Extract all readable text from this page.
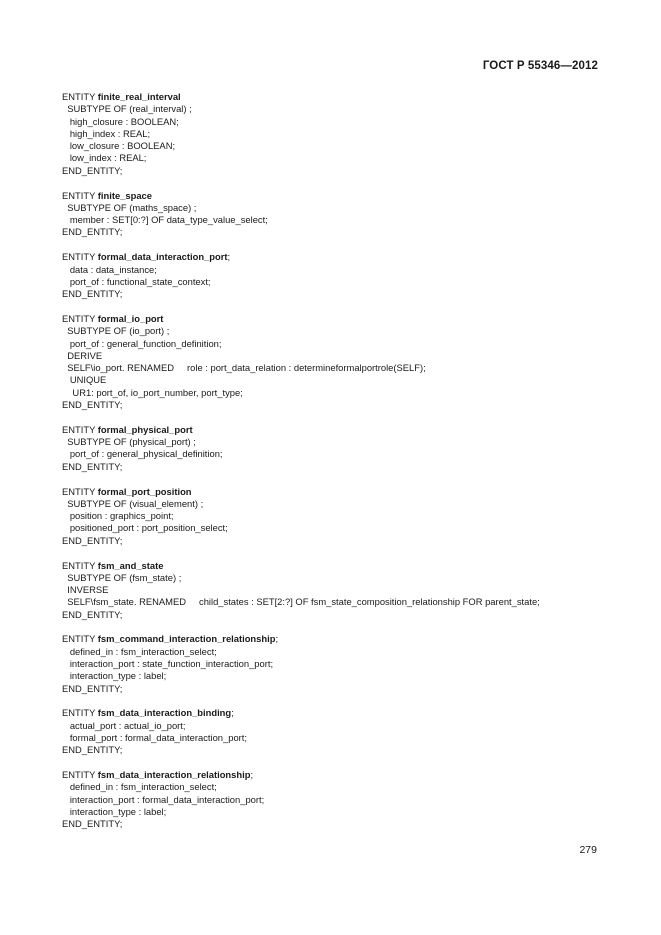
ГОСТ Р 55346—2012
ENTITY finite_real_interval
SUBTYPE OF (real_interval) ;
high_closure : BOOLEAN;
high_index : REAL;
low_closure : BOOLEAN;
low_index : REAL;
END_ENTITY;
ENTITY finite_space
SUBTYPE OF (maths_space) ;
member : SET[0:?] OF data_type_value_select;
END_ENTITY;
ENTITY formal_data_interaction_port;
data : data_instance;
port_of : functional_state_context;
END_ENTITY;
ENTITY formal_io_port
SUBTYPE OF (io_port) ;
port_of : general_function_definition;
DERIVE
SELF\io_port. RENAMED     role : port_data_relation : determineformalportrole(SELF);
UNIQUE
UR1: port_of, io_port_number, port_type;
END_ENTITY;
ENTITY formal_physical_port
SUBTYPE OF (physical_port) ;
port_of : general_physical_definition;
END_ENTITY;
ENTITY formal_port_position
SUBTYPE OF (visual_element) ;
position : graphics_point;
positioned_port : port_position_select;
END_ENTITY;
ENTITY fsm_and_state
SUBTYPE OF (fsm_state) ;
INVERSE
SELF\fsm_state. RENAMED     child_states : SET[2:?] OF fsm_state_composition_relationship FOR parent_state;
END_ENTITY;
ENTITY fsm_command_interaction_relationship;
defined_in : fsm_interaction_select;
interaction_port : state_function_interaction_port;
interaction_type : label;
END_ENTITY;
ENTITY fsm_data_interaction_binding;
actual_port : actual_io_port;
formal_port : formal_data_interaction_port;
END_ENTITY;
ENTITY fsm_data_interaction_relationship;
defined_in : fsm_interaction_select;
interaction_port : formal_data_interaction_port;
interaction_type : label;
END_ENTITY;
279
